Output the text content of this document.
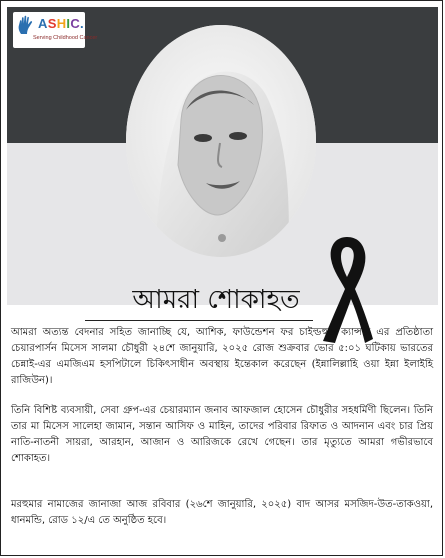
ASHIC.
Serving Childhood Cancer
আমরা শোকাহত

আমরা অত্যন্ত বেদনার সহিত জানাচ্ছি যে, আশিক, ফাউন্ডেশন ফর চাইল্ডহুড ক্যান্সার এর প্রতিষ্ঠাতা চেয়ারপার্সন মিসেস সালমা চৌধুরী ২৪শে জানুয়ারি, ২০২৫ রোজ শুক্রবার ভোর ৫:০১ ঘটিকায় ভারতের চেন্নাই-এর এমজিএম হসপিটালে চিকিৎসাধীন অবস্থায় ইন্তেকাল করেছেন (ইন্নালিল্লাহি ওয়া ইন্না ইলাইহি রাজিউন)।

তিনি বিশিষ্ট ব্যবসায়ী, সেবা গ্রুপ-এর চেয়ারম্যান জনাব আফজাল হোসেন চৌধুরীর সহধর্মিণী ছিলেন। তিনি তার মা মিসেস সালেহা জামান, সন্তান আসিফ ও মাহিন, তাদের পরিবার রিফাত ও আদনান এবং চার প্রিয় নাতি-নাতনী সায়রা, আরহান, আজান ও আরিজকে রেখে গেছেন। তার মৃত্যুতে আমরা গভীরভাবে শোকাহত।

মরহুমার নামাজের জানাজা আজ রবিবার (২৬শে জানুয়ারি, ২০২৫) বাদ আসর মসজিদ-উত-তাকওয়া, ধানমন্ডি, রোড ১২/এ তে অনুষ্ঠিত হবে।
